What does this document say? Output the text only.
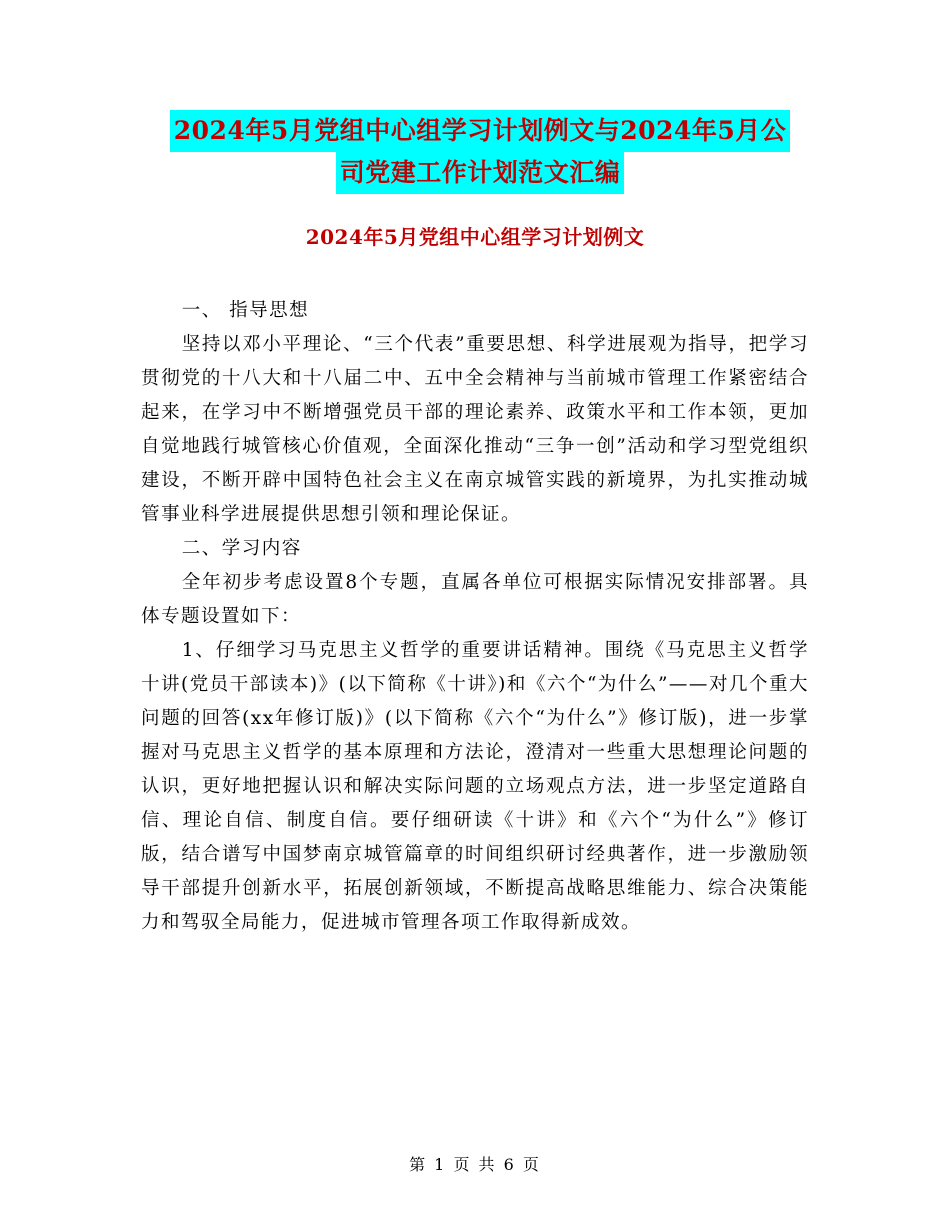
2024年5月党组中心组学习计划例文与2024年5月公
司党建工作计划范文汇编
2024年5月党组中心组学习计划例文

一、 指导思想

坚持以邓小平理论、“三个代表”重要思想、科学进展观为指导，把学习贯彻党的十八大和十八届二中、五中全会精神与当前城市管理工作紧密结合起来，在学习中不断增强党员干部的理论素养、政策水平和工作本领，更加自觉地践行城管核心价值观，全面深化推动“三争一创”活动和学习型党组织建设，不断开辟中国特色社会主义在南京城管实践的新境界，为扎实推动城管事业科学进展提供思想引领和理论保证。

二、学习内容

全年初步考虑设置8个专题，直属各单位可根据实际情况安排部署。具体专题设置如下：

1、仔细学习马克思主义哲学的重要讲话精神。围绕《马克思主义哲学十讲(党员干部读本)》(以下简称《十讲》)和《六个“为什么”——对几个重大问题的回答(xx年修订版)》(以下简称《六个“为什么”》修订版)，进一步掌握对马克思主义哲学的基本原理和方法论，澄清对一些重大思想理论问题的认识，更好地把握认识和解决实际问题的立场观点方法，进一步坚定道路自信、理论自信、制度自信。要仔细研读《十讲》和《六个“为什么”》修订版，结合谱写中国梦南京城管篇章的时间组织研讨经典著作，进一步激励领导干部提升创新水平，拓展创新领域，不断提高战略思维能力、综合决策能力和驾驭全局能力，促进城市管理各项工作取得新成效。

第 1 页 共 6 页
